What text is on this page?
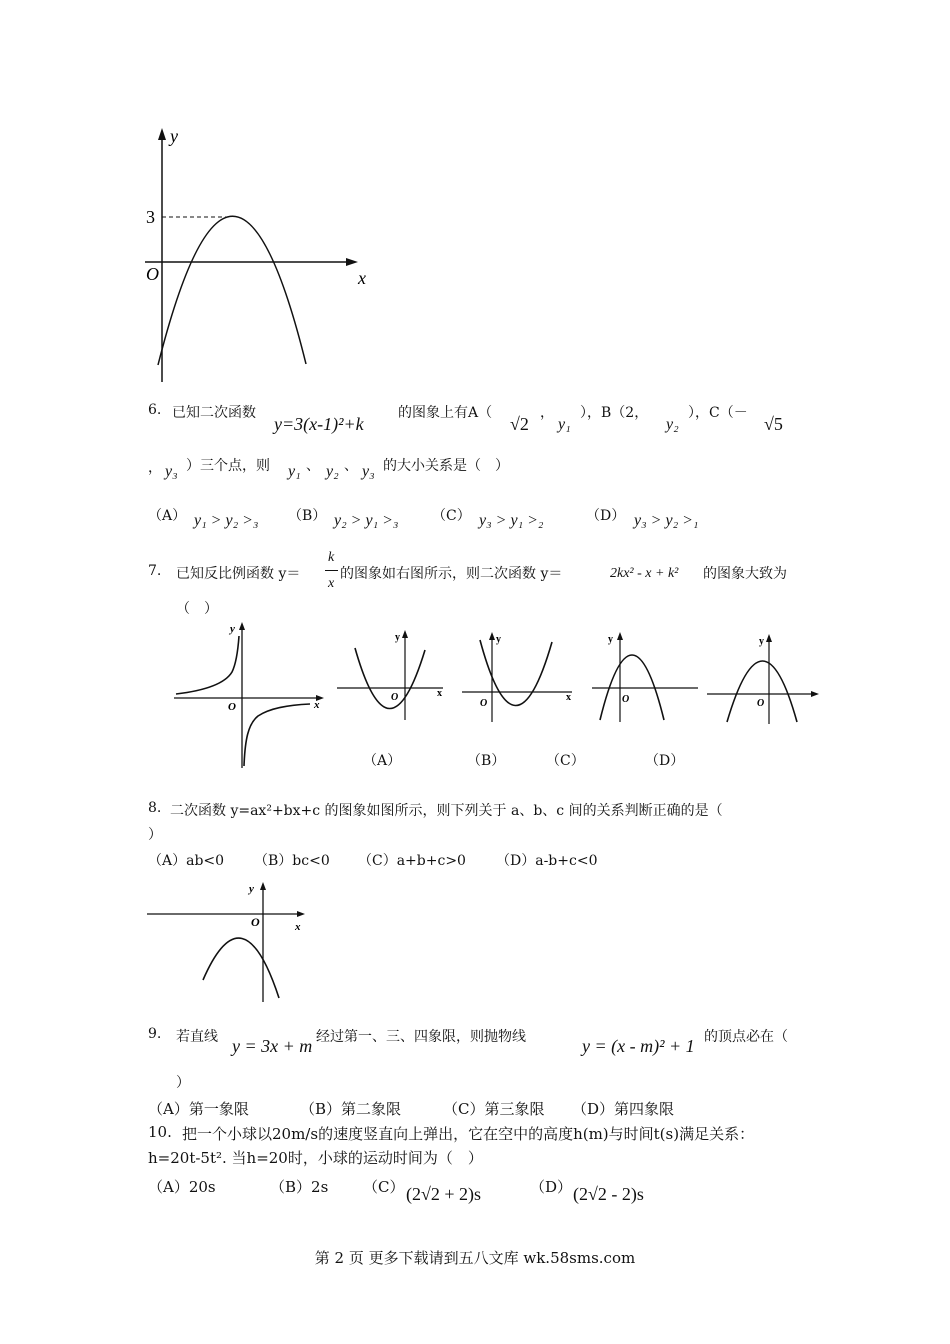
y
x
O
3
6. 已知二次函数
y=3(x-1)²+k
的图象上有A（
√2
，
y₁
），B（2，
y₂
），C（－
√5
， y₃ ）三个点，则 y₁ 、 y₂ 、 y₃ 的大小关系是（　）
（A） y₁ > y₂ >₃ （B） y₂ > y₁ >₃ （C） y₃ > y₁ >₂	（D） y₃ > y₂ >₁
7. 已知反比例函数 y＝
k
x
的图象如右图所示，则二次函数 y＝	2kx² - x + k² 的图象大致为
（　）
y
x
O
y
x
O
y
x
O
y
O
y
O
（A）	（B）	（C）	（D）
8. 二次函数 y=ax²+bx+c 的图象如图所示，则下列关于 a、b、c 间的关系判断正确的是（
）
（A）ab<0 （B）bc<0 （C）a+b+c>0 （D）a-b+c<0
y
x
O
9. 若直线 y = 3x + m 经过第一、三、四象限，则抛物线	y = (x - m)² + 1 的顶点必在（
）
（A）第一象限	（B）第二象限	（C）第三象限 （D）第四象限
10. 把一个小球以20m/s的速度竖直向上弹出，它在空中的高度h(m)与时间t(s)满足关系：
h=20t-5t². 当h=20时，小球的运动时间为（　）
（A）20s	（B）2s （C） (2√2 + 2)s	（D） (2√2 - 2)s
第 2 页 更多下载请到五八文库 wk.58sms.com
